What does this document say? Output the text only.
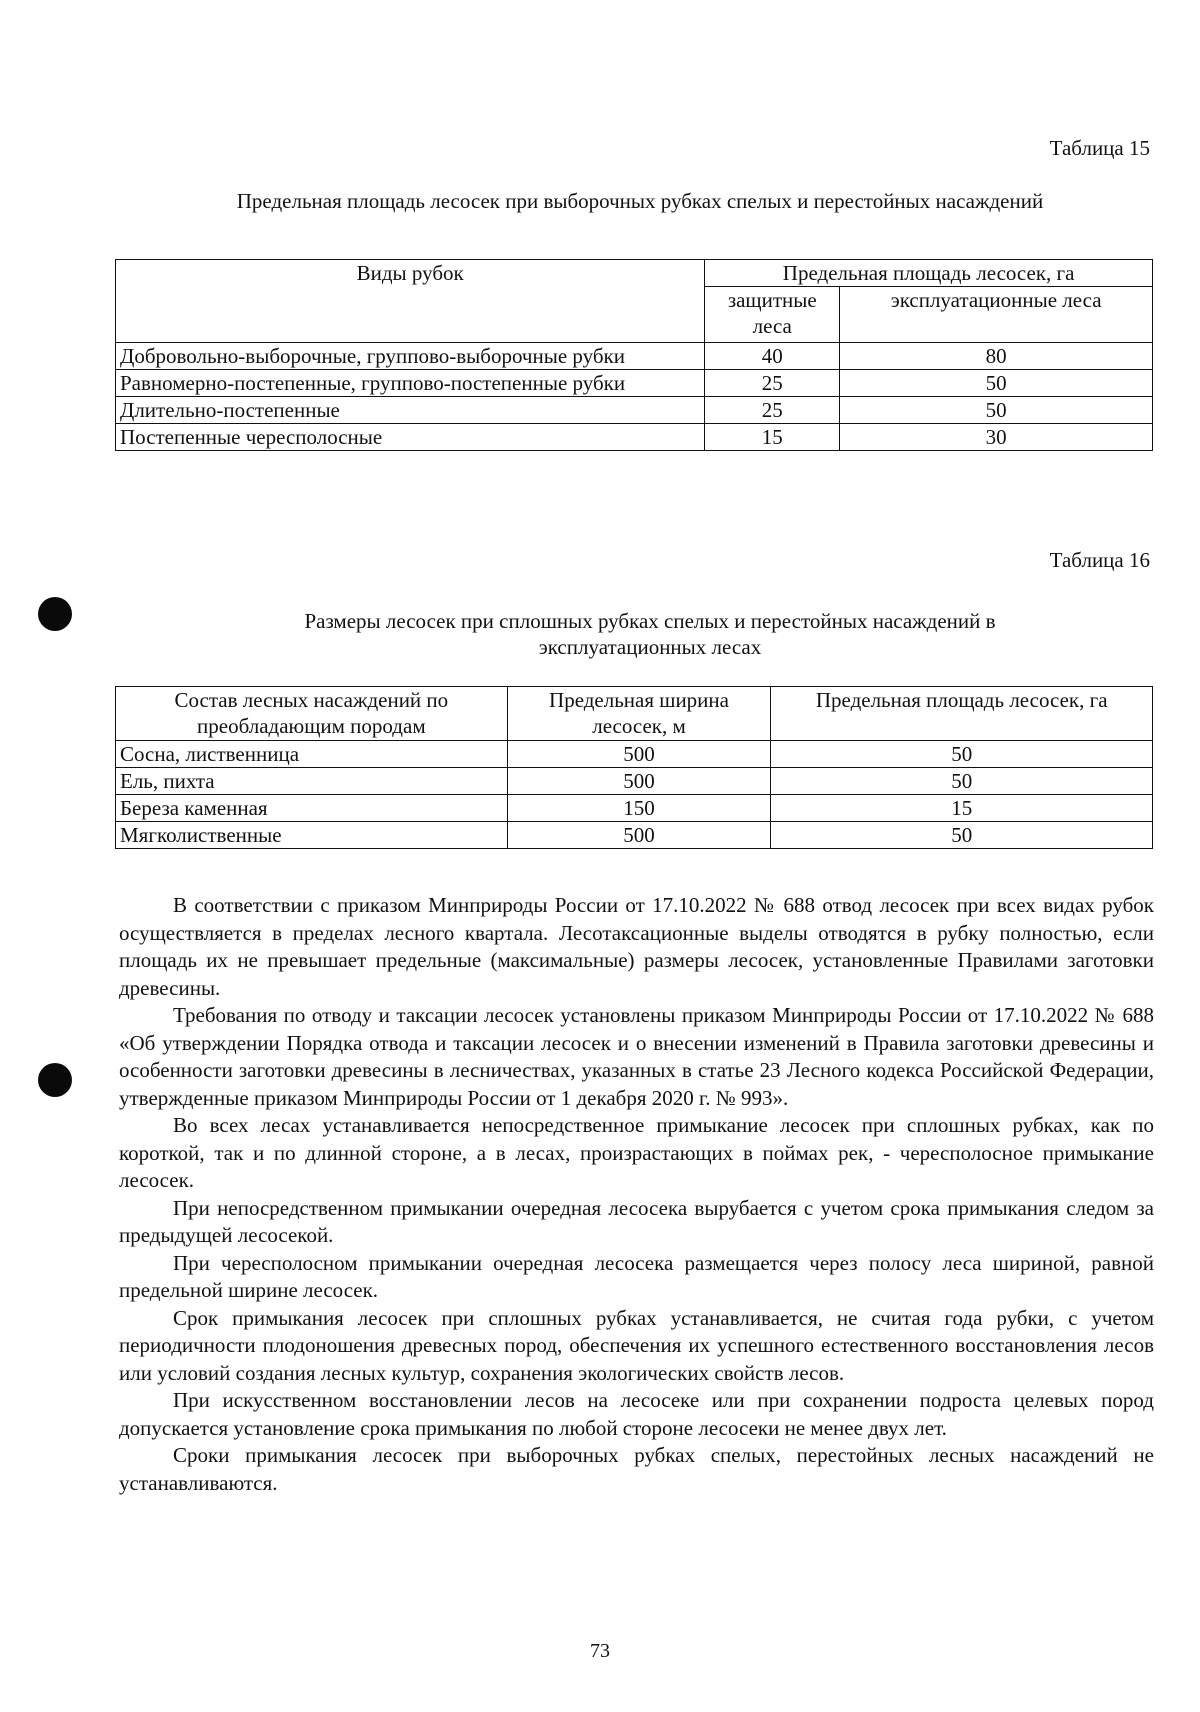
Таблица 15
Предельная площадь лесосек при выборочных рубках спелых и перестойных насаждений
Виды рубок	Предельная площадь лесосек, га	
	защитные леса	эксплуатационные леса
Добровольно-выборочные, группово-выборочные рубки	40	80
Равномерно-постепенные, группово-постепенные рубки	25	50
Длительно-постепенные	25	50
Постепенные чересполосные	15	30
Таблица 16
Размеры лесосек при сплошных рубках спелых и перестойных насаждений в эксплуатационных лесах
Состав лесных насаждений по преобладающим породам	Предельная ширина лесосек, м	Предельная площадь лесосек, га
Сосна, лиственница	500	50
Ель, пихта	500	50
Береза каменная	150	15
Мягколиственные	500	50

В соответствии с приказом Минприроды России от 17.10.2022 № 688 отвод лесосек при всех видах рубок осуществляется в пределах лесного квартала. Лесотаксационные выделы отводятся в рубку полностью, если площадь их не превышает предельные (максимальные) размеры лесосек, установленные Правилами заготовки древесины.

Требования по отводу и таксации лесосек установлены приказом Минприроды России от 17.10.2022 № 688 «Об утверждении Порядка отвода и таксации лесосек и о внесении изменений в Правила заготовки древесины и особенности заготовки древесины в лесничествах, указанных в статье 23 Лесного кодекса Российской Федерации, утвержденные приказом Минприроды России от 1 декабря 2020 г. № 993».

Во всех лесах устанавливается непосредственное примыкание лесосек при сплошных рубках, как по короткой, так и по длинной стороне, а в лесах, произрастающих в поймах рек, - чересполосное примыкание лесосек.

При непосредственном примыкании очередная лесосека вырубается с учетом срока примыкания следом за предыдущей лесосекой.

При чересполосном примыкании очередная лесосека размещается через полосу леса шириной, равной предельной ширине лесосек.

Срок примыкания лесосек при сплошных рубках устанавливается, не считая года рубки, с учетом периодичности плодоношения древесных пород, обеспечения их успешного естественного восстановления лесов или условий создания лесных культур, сохранения экологических свойств лесов.

При искусственном восстановлении лесов на лесосеке или при сохранении подроста целевых пород допускается установление срока примыкания по любой стороне лесосеки не менее двух лет.

Сроки примыкания лесосек при выборочных рубках спелых, перестойных лесных насаждений не устанавливаются.

73
